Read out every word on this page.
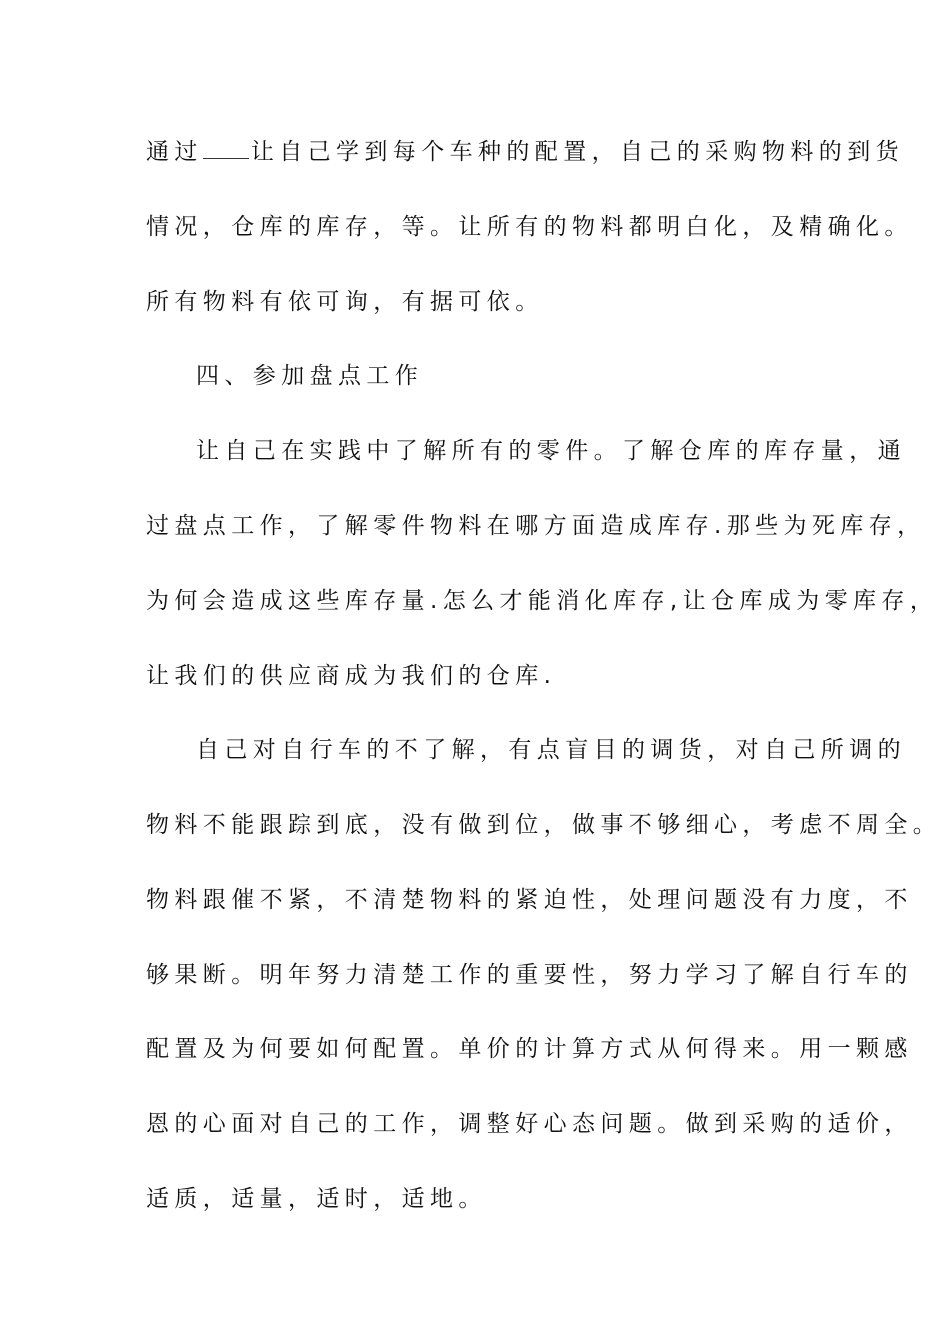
通过 让自己学到每个车种的配置，自己的采购物料的到货
情况，仓库的库存，等。让所有的物料都明白化，及精确化。
所有物料有依可询，有据可依。
四、参加盘点工作
让自己在实践中了解所有的零件。了解仓库的库存量，通
过盘点工作，了解零件物料在哪方面造成库存.那些为死库存，
为何会造成这些库存量.怎么才能消化库存,让仓库成为零库存，
让我们的供应商成为我们的仓库.
自己对自行车的不了解，有点盲目的调货，对自己所调的
物料不能跟踪到底，没有做到位，做事不够细心，考虑不周全。
物料跟催不紧，不清楚物料的紧迫性，处理问题没有力度，不
够果断。明年努力清楚工作的重要性，努力学习了解自行车的
配置及为何要如何配置。单价的计算方式从何得来。用一颗感
恩的心面对自己的工作，调整好心态问题。做到采购的适价，
适质，适量，适时，适地。
